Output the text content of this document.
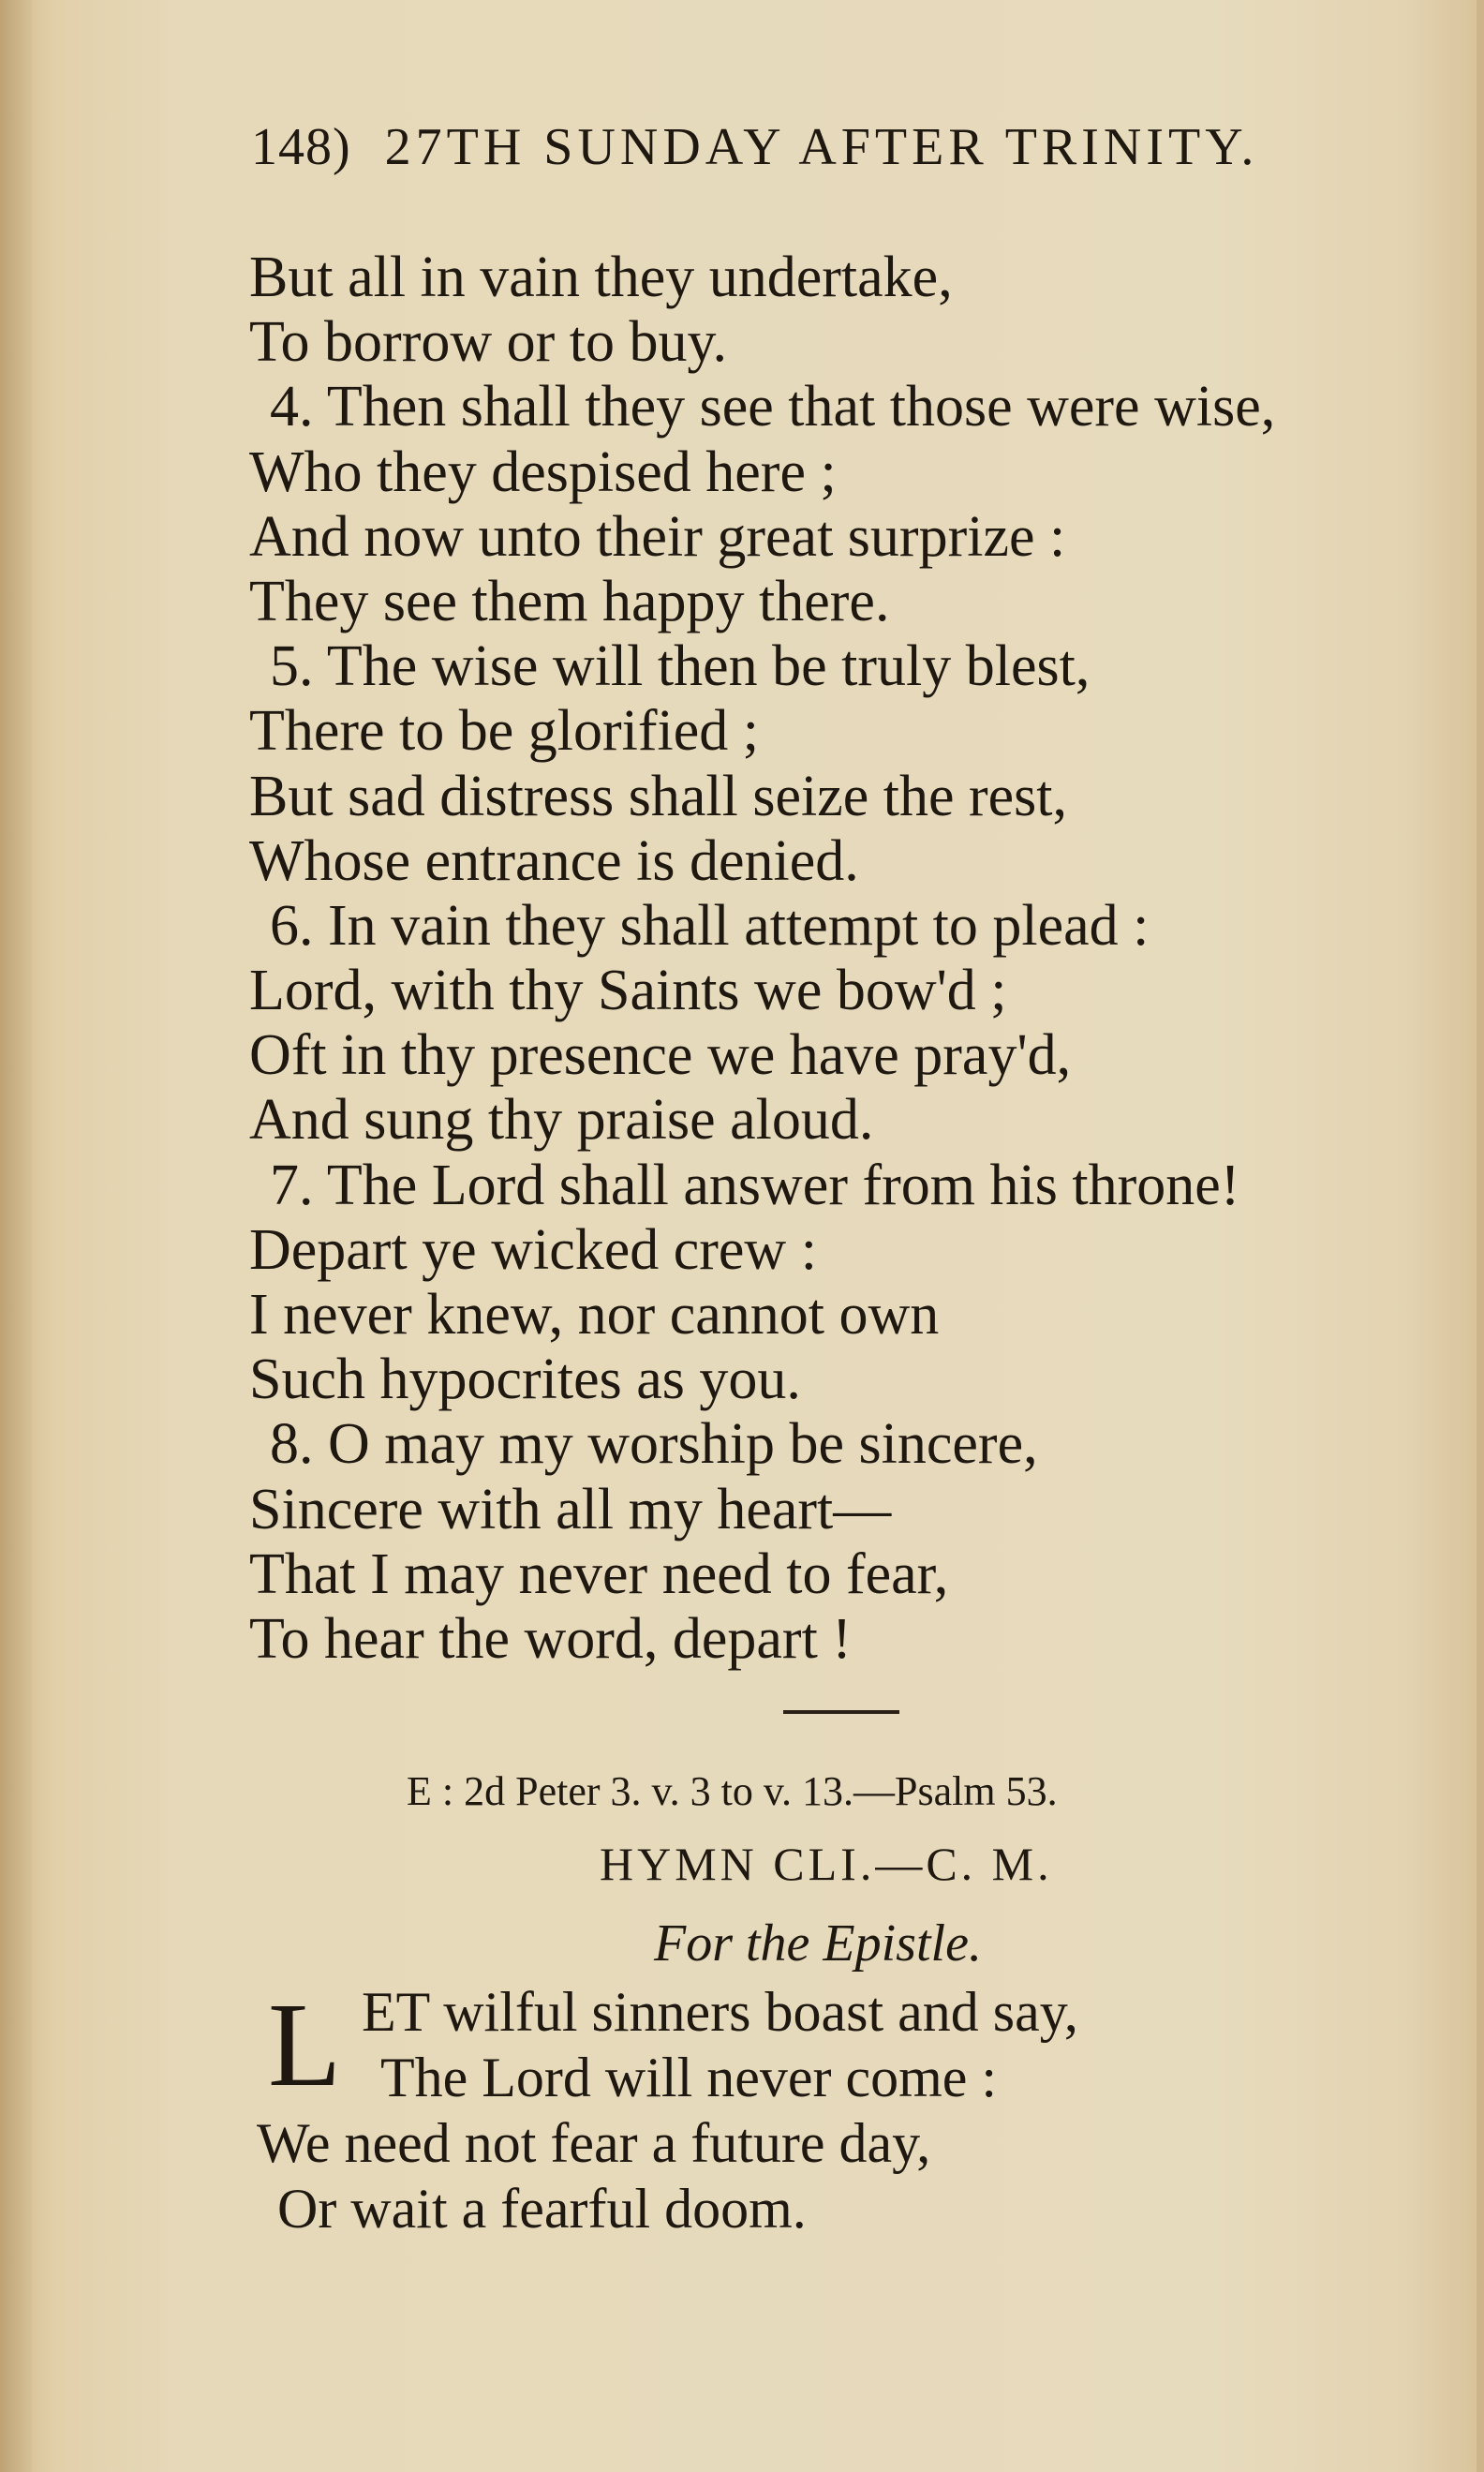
148) 27TH SUNDAY AFTER TRINITY.
But all in vain they undertake,
To borrow or to buy.
4. Then shall they see that those were wise,
Who they despised here ;
And now unto their great surprize :
They see them happy there.
5. The wise will then be truly blest,
There to be glorified ;
But sad distress shall seize the rest,
Whose entrance is denied.
6. In vain they shall attempt to plead :
Lord, with thy Saints we bow'd ;
Oft in thy presence we have pray'd,
And sung thy praise aloud.
7. The Lord shall answer from his throne!
Depart ye wicked crew :
I never knew, nor cannot own
Such hypocrites as you.
8. O may my worship be sincere,
Sincere with all my heart—
That I may never need to fear,
To hear the word, depart !
E : 2d Peter 3. v. 3 to v. 13.—Psalm 53.
HYMN CLI.—C. M.
For the Epistle.
L ET wilful sinners boast and say,
The Lord will never come :
We need not fear a future day,
Or wait a fearful doom.
